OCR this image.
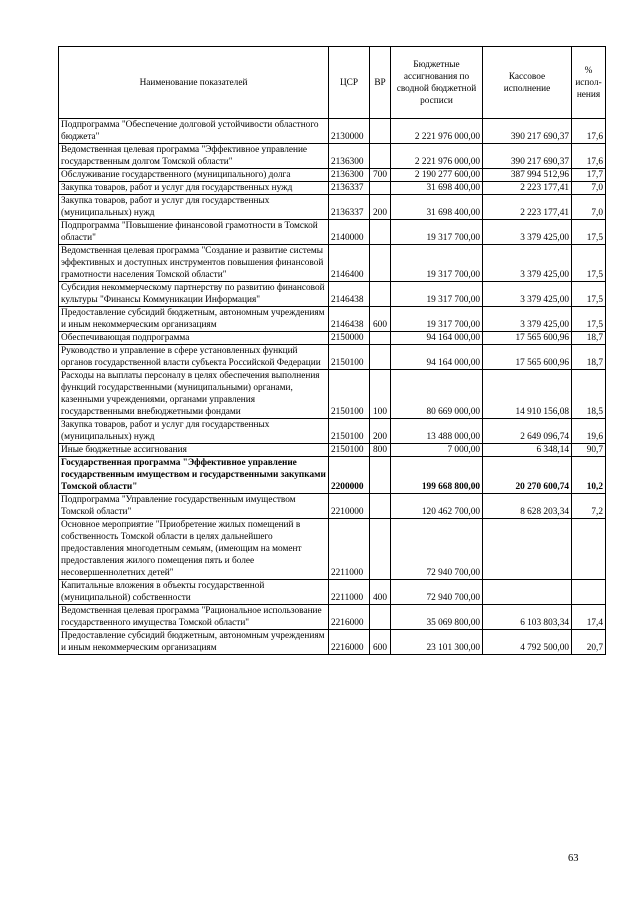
Наименование показателей	ЦСР	ВР	Бюджетные ассигнования по сводной бюджетной росписи	Кассовое исполнение	% испол-нения
Подпрограмма "Обеспечение долговой устойчивости областного бюджета"	2130000		2 221 976 000,00	390 217 690,37	17,6
Ведомственная целевая программа "Эффективное управление государственным долгом Томской области"	2136300		2 221 976 000,00	390 217 690,37	17,6
Обслуживание государственного (муниципального) долга	2136300	700	2 190 277 600,00	387 994 512,96	17,7
Закупка товаров, работ и услуг для государственных нужд	2136337		31 698 400,00	2 223 177,41	7,0
Закупка товаров, работ и услуг для государственных (муниципальных) нужд	2136337	200	31 698 400,00	2 223 177,41	7,0
Подпрограмма "Повышение финансовой грамотности в Томской области"	2140000		19 317 700,00	3 379 425,00	17,5
Ведомственная целевая программа "Создание и развитие системы эффективных и доступных инструментов повышения финансовой грамотности населения Томской области"	2146400		19 317 700,00	3 379 425,00	17,5
Субсидия некоммерческому партнерству по развитию финансовой культуры "Финансы Коммуникации Информация"	2146438		19 317 700,00	3 379 425,00	17,5
Предоставление субсидий бюджетным, автономным учреждениям и иным некоммерческим организациям	2146438	600	19 317 700,00	3 379 425,00	17,5
Обеспечивающая подпрограмма	2150000		94 164 000,00	17 565 600,96	18,7
Руководство и управление в сфере установленных функций органов государственной власти субъекта Российской Федерации	2150100		94 164 000,00	17 565 600,96	18,7
Расходы на выплаты персоналу в целях обеспечения выполнения функций государственными (муниципальными) органами, казенными учреждениями, органами управления государственными внебюджетными фондами	2150100	100	80 669 000,00	14 910 156,08	18,5
Закупка товаров, работ и услуг для государственных (муниципальных) нужд	2150100	200	13 488 000,00	2 649 096,74	19,6
Иные бюджетные ассигнования	2150100	800	7 000,00	6 348,14	90,7
Государственная программа "Эффективное управление государственным имуществом и государственными закупками Томской области"	2200000		199 668 800,00	20 270 600,74	10,2
Подпрограмма "Управление государственным имуществом Томской области"	2210000		120 462 700,00	8 628 203,34	7,2
Основное мероприятие "Приобретение жилых помещений в собственность Томской области в целях дальнейшего предоставления многодетным семьям, (имеющим на момент предоставления жилого помещения пять и более несовершеннолетних детей"	2211000		72 940 700,00		
Капитальные вложения в объекты государственной (муниципальной) собственности	2211000	400	72 940 700,00		
Ведомственная целевая программа "Рациональное использование государственного имущества Томской области"	2216000		35 069 800,00	6 103 803,34	17,4
Предоставление субсидий бюджетным, автономным учреждениям и иным некоммерческим организациям	2216000	600	23 101 300,00	4 792 500,00	20,7
63
